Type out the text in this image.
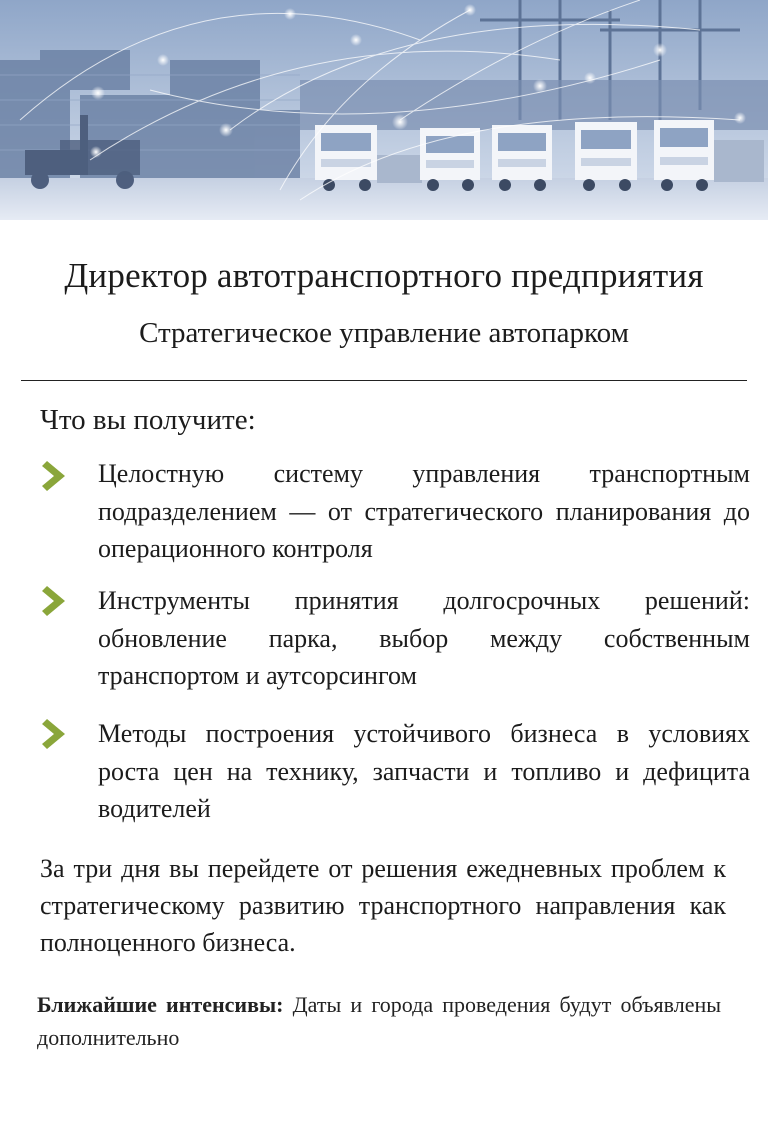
Директор автотранспортного предприятия
Стратегическое управление автопарком
Что вы получите:
Целостную систему управления транспортным подразделением — от стратегического планирования до операционного контроля
Инструменты принятия долгосрочных решений: обновление парка, выбор между собственным транспортом и аутсорсингом
Методы построения устойчивого бизнеса в условиях роста цен на технику, запчасти и топливо и дефицита водителей
За три дня вы перейдете от решения ежедневных проблем к стратегическому развитию транспортного направления как полноценного бизнеса.
Ближайшие интенсивы: Даты и города проведения будут объявлены дополнительно
